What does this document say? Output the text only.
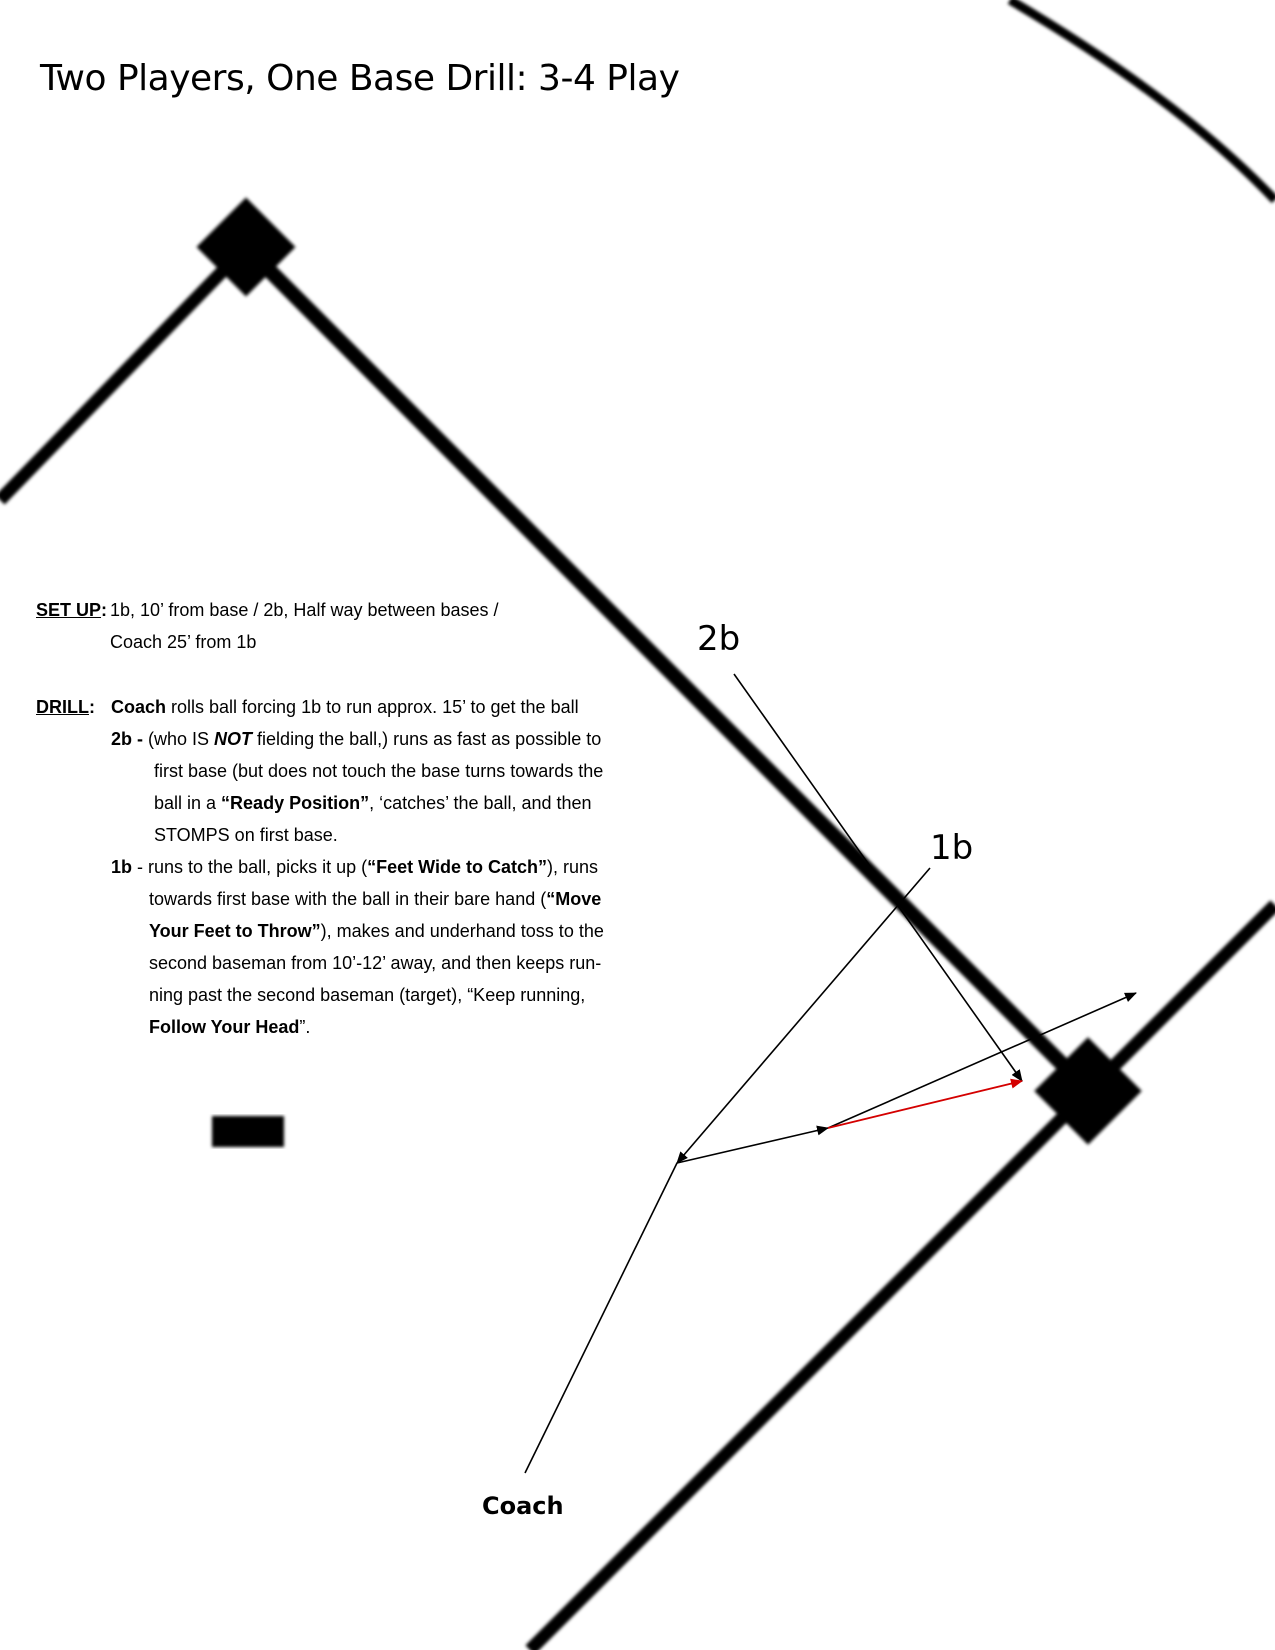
Two Players, One Base Drill: 3-4 Play
2b
1b
Coach
SET UP: 1b, 10’ from base / 2b, Half way between bases /
Coach 25’ from 1b
DRILL: Coach rolls ball forcing 1b to run approx. 15’ to get the ball
2b - (who IS NOT fielding the ball,) runs as fast as possible to
first base (but does not touch the base turns towards the
ball in a “Ready Position”, ‘catches’ the ball, and then
STOMPS on first base.
1b - runs to the ball, picks it up (“Feet Wide to Catch”), runs
towards first base with the ball in their bare hand (“Move
Your Feet to Throw”), makes and underhand toss to the
second baseman from 10’-12’ away, and then keeps run-
ning past the second baseman (target), “Keep running,
Follow Your Head”.
